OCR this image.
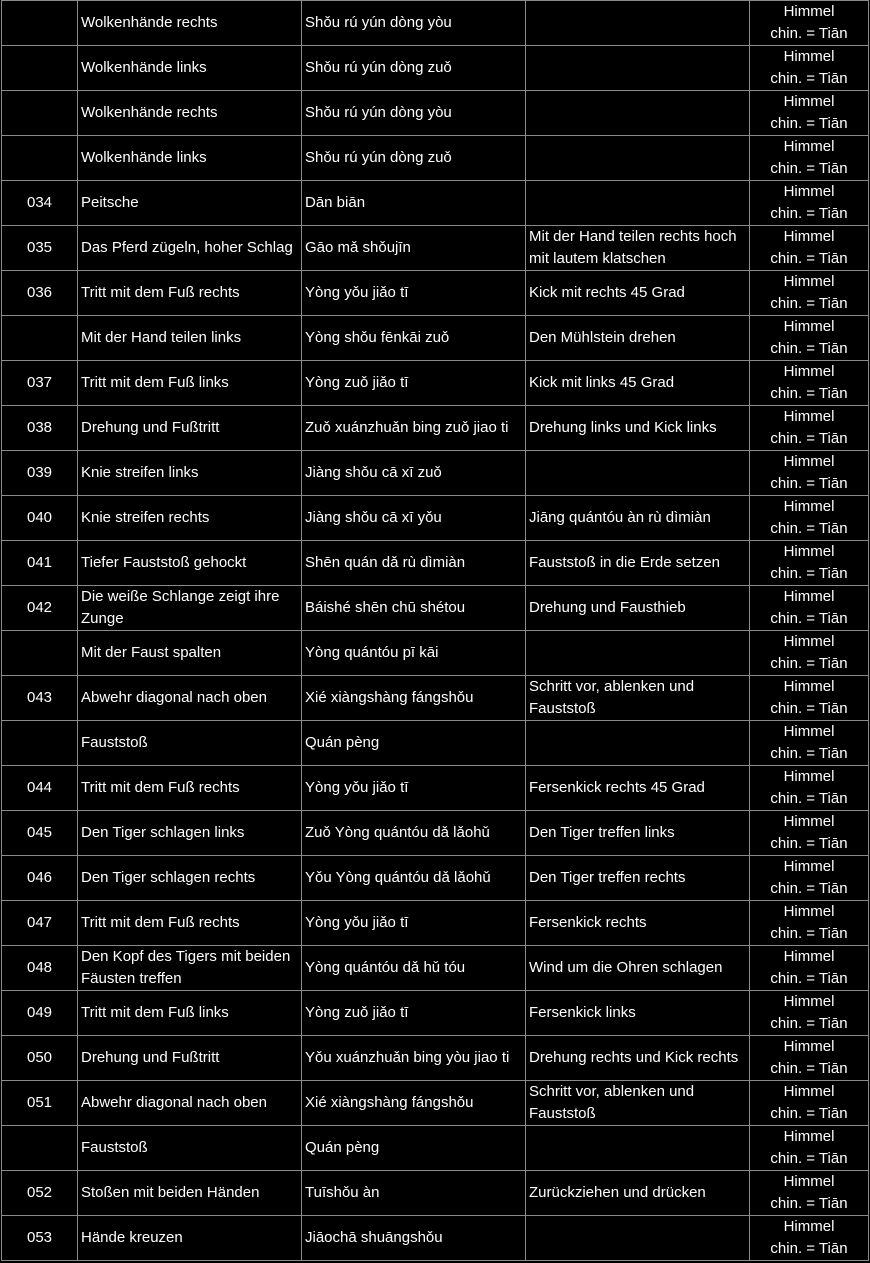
	Wolkenhände rechts	Shǒu rú yún dòng yòu		Himmel
chin. = Tiān

	Wolkenhände links	Shǒu rú yún dòng zuǒ		Himmel
chin. = Tiān

	Wolkenhände rechts	Shǒu rú yún dòng yòu		Himmel
chin. = Tiān

	Wolkenhände links	Shǒu rú yún dòng zuǒ		Himmel
chin. = Tiān

034	Peitsche	Dān biān		Himmel
chin. = Tiān

035	Das Pferd zügeln, hoher Schlag	Gāo mǎ shǒujīn	Mit der Hand teilen rechts hoch mit lautem klatschen	Himmel
chin. = Tiān

036	Tritt mit dem Fuß rechts	Yòng yǒu jiǎo tī	Kick mit rechts 45 Grad	Himmel
chin. = Tiān

	Mit der Hand teilen links	Yòng shǒu fēnkāi zuǒ	Den Mühlstein drehen	Himmel
chin. = Tiān

037	Tritt mit dem Fuß links	Yòng zuǒ jiǎo tī	Kick mit links 45 Grad	Himmel
chin. = Tiān

038	Drehung und Fußtritt	Zuǒ xuánzhuǎn bing zuǒ jiao ti	Drehung links und Kick links	Himmel
chin. = Tiān

039	Knie streifen links	Jiàng shǒu cā xī zuǒ		Himmel
chin. = Tiān

040	Knie streifen rechts	Jiàng shǒu cā xī yǒu	Jiāng quántóu àn rù dìmiàn	Himmel
chin. = Tiān

041	Tiefer Fauststoß gehockt	Shēn quán dǎ rù dìmiàn	Fauststoß in die Erde setzen	Himmel
chin. = Tiān

042	Die weiße Schlange zeigt ihre Zunge	Báishé shēn chū shétou	Drehung und Fausthieb	Himmel
chin. = Tiān

	Mit der Faust spalten	Yòng quántóu pī kāi		Himmel
chin. = Tiān

043	Abwehr diagonal nach oben	Xié xiàngshàng fángshǒu	Schritt vor, ablenken und Fauststoß	Himmel
chin. = Tiān

	Fauststoß	Quán pèng		Himmel
chin. = Tiān

044	Tritt mit dem Fuß rechts	Yòng yǒu jiǎo tī	Fersenkick rechts 45 Grad	Himmel
chin. = Tiān

045	Den Tiger schlagen links	Zuǒ Yòng quántóu dǎ lǎohǔ	Den Tiger treffen links	Himmel
chin. = Tiān

046	Den Tiger schlagen rechts	Yǒu Yòng quántóu dǎ lǎohǔ	Den Tiger treffen rechts	Himmel
chin. = Tiān

047	Tritt mit dem Fuß rechts	Yòng yǒu jiǎo tī	Fersenkick rechts	Himmel
chin. = Tiān

048	Den Kopf des Tigers mit beiden Fäusten treffen	Yòng quántóu dǎ hǔ tóu	Wind um die Ohren schlagen	Himmel
chin. = Tiān

049	Tritt mit dem Fuß links	Yòng zuǒ jiǎo tī	Fersenkick links	Himmel
chin. = Tiān

050	Drehung und Fußtritt	Yǒu xuánzhuǎn bing yòu jiao ti	Drehung rechts und Kick rechts	Himmel
chin. = Tiān

051	Abwehr diagonal nach oben	Xié xiàngshàng fángshǒu	Schritt vor, ablenken und Fauststoß	Himmel
chin. = Tiān

	Fauststoß	Quán pèng		Himmel
chin. = Tiān

052	Stoßen mit beiden Händen	Tuīshǒu àn	Zurückziehen und drücken	Himmel
chin. = Tiān

053	Hände kreuzen	Jiāochā shuāngshǒu		Himmel
chin. = Tiān
